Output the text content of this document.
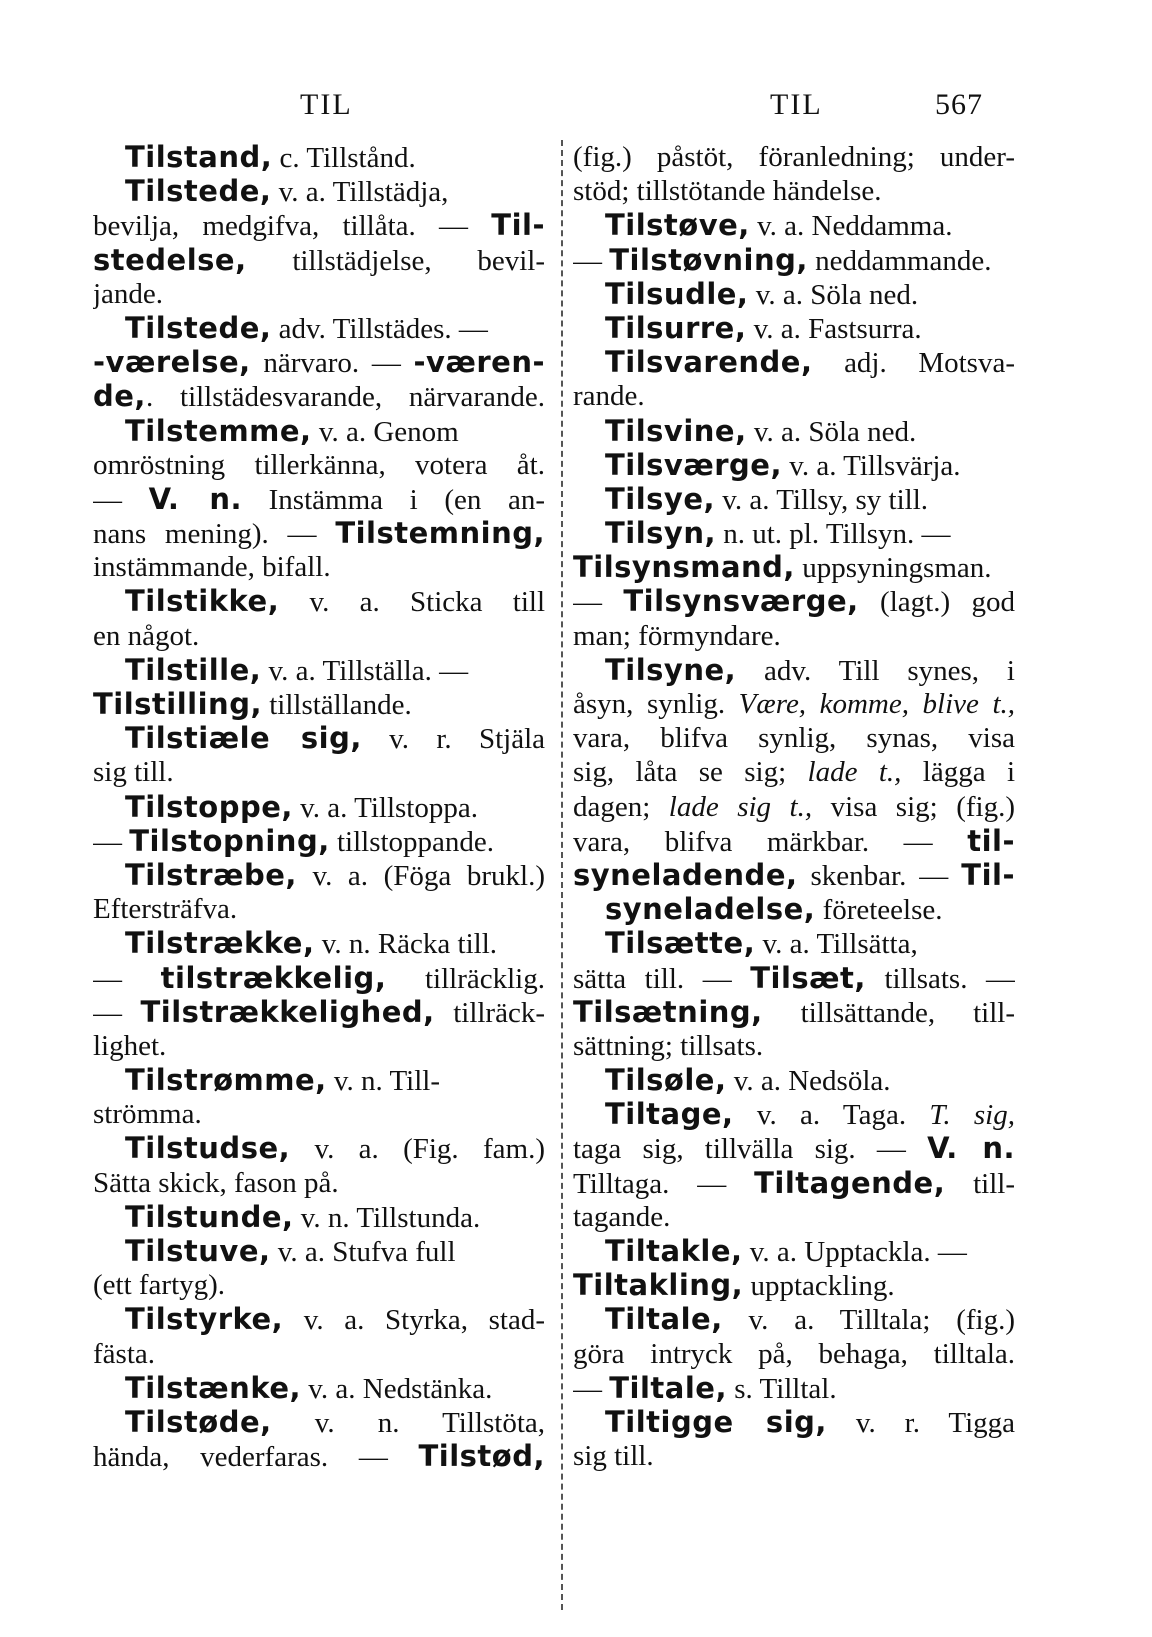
TIL	TIL	567
Tilstand, c. Tillstånd.
Tilstede, v. a. Tillstädja,
bevilja, medgifva, tillåta. — Til-
stedelse, tillstädjelse, bevil-
jande.
Tilstede, adv. Tillstädes. —
-værelse, närvaro. — -væren-
de,. tillstädesvarande, närvarande.
Tilstemme, v. a. Genom
omröstning tillerkänna, votera åt.
— V. n. Instämma i (en an-
nans mening). — Tilstemning,
instämmande, bifall.
Tilstikke, v. a. Sticka till
en något.
Tilstille, v. a. Tillställa. —
Tilstilling, tillställande.
Tilstiæle sig, v. r. Stjäla
sig till.
Tilstoppe, v. a. Tillstoppa.
— Tilstopning, tillstoppande.
Tilstræbe, v. a. (Föga brukl.)
Eftersträfva.
Tilstrække, v. n. Räcka till.
— tilstrækkelig, tillräcklig.
— Tilstrækkelighed, tillräck-
lighet.
Tilstrømme, v. n. Till-
strömma.
Tilstudse, v. a. (Fig. fam.)
Sätta skick, fason på.
Tilstunde, v. n. Tillstunda.
Tilstuve, v. a. Stufva full
(ett fartyg).
Tilstyrke, v. a. Styrka, stad-
fästa.
Tilstænke, v. a. Nedstänka.
Tilstøde, v. n. Tillstöta,
hända, vederfaras. — Tilstød,
(fig.) påstöt, föranledning; under-
stöd; tillstötande händelse.
Tilstøve, v. a. Neddamma.
— Tilstøvning, neddammande.
Tilsudle, v. a. Söla ned.
Tilsurre, v. a. Fastsurra.
Tilsvarende, adj. Motsva-
rande.
Tilsvine, v. a. Söla ned.
Tilsværge, v. a. Tillsvärja.
Tilsye, v. a. Tillsy, sy till.
Tilsyn, n. ut. pl. Tillsyn. —
Tilsynsmand, uppsyningsman.
— Tilsynsværge, (lagt.) god
man; förmyndare.
Tilsyne, adv. Till synes, i
åsyn, synlig. Være, komme, blive t.,
vara, blifva synlig, synas, visa
sig, låta se sig; lade t., lägga i
dagen; lade sig t., visa sig; (fig.)
vara, blifva märkbar. — til-
syneladende, skenbar. — Til-
syneladelse, företeelse.
Tilsætte, v. a. Tillsätta,
sätta till. — Tilsæt, tillsats. —
Tilsætning, tillsättande, till-
sättning; tillsats.
Tilsøle, v. a. Nedsöla.
Tiltage, v. a. Taga. T. sig,
taga sig, tillvälla sig. — V. n.
Tilltaga. — Tiltagende, till-
tagande.
Tiltakle, v. a. Upptackla. —
Tiltakling, upptackling.
Tiltale, v. a. Tilltala; (fig.)
göra intryck på, behaga, tilltala.
— Tiltale, s. Tilltal.
Tiltigge sig, v. r. Tigga
sig till.
